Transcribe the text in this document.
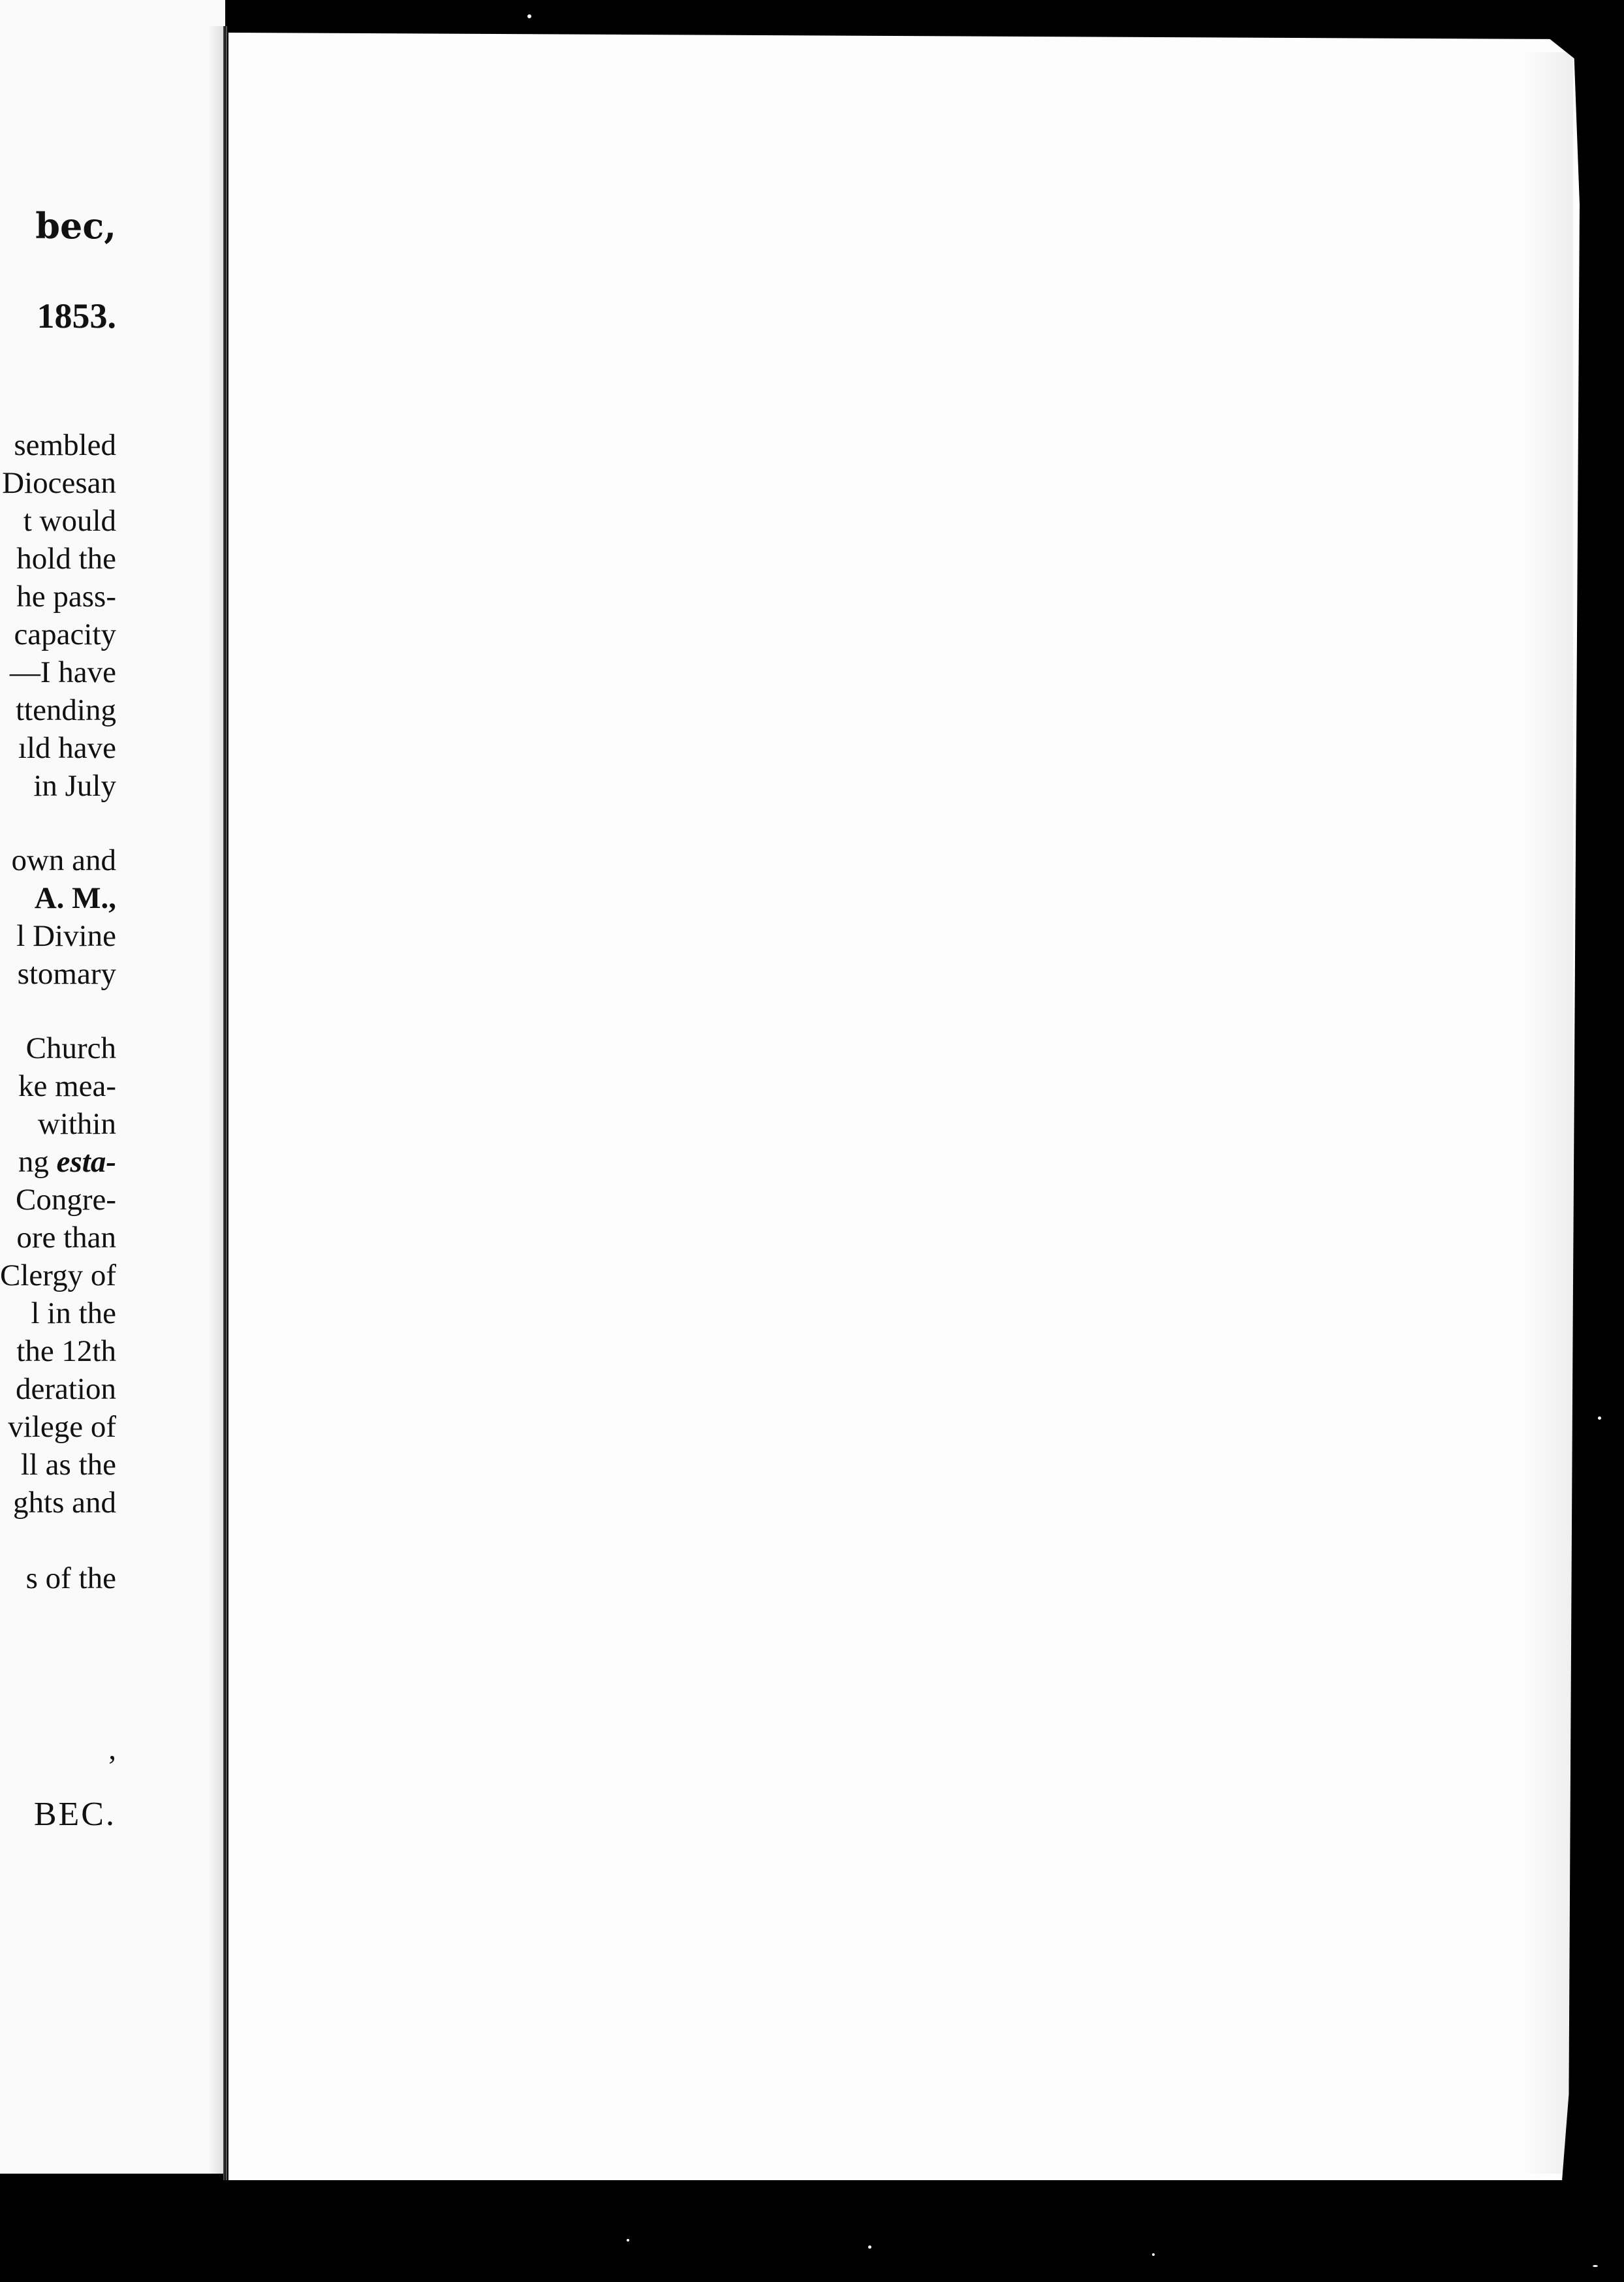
bec,
1853.
sembled
Diocesan
t would
hold the
he pass-
capacity
—I have
ttending
ıld have
in July
own and
A. M.,
l Divine
stomary
Church
ke mea-
within
ng esta-
Congre-
ore than
Clergy of
l in the
the 12th
deration
vilege of
ll as the
ghts and
s of the
,
BEC.
